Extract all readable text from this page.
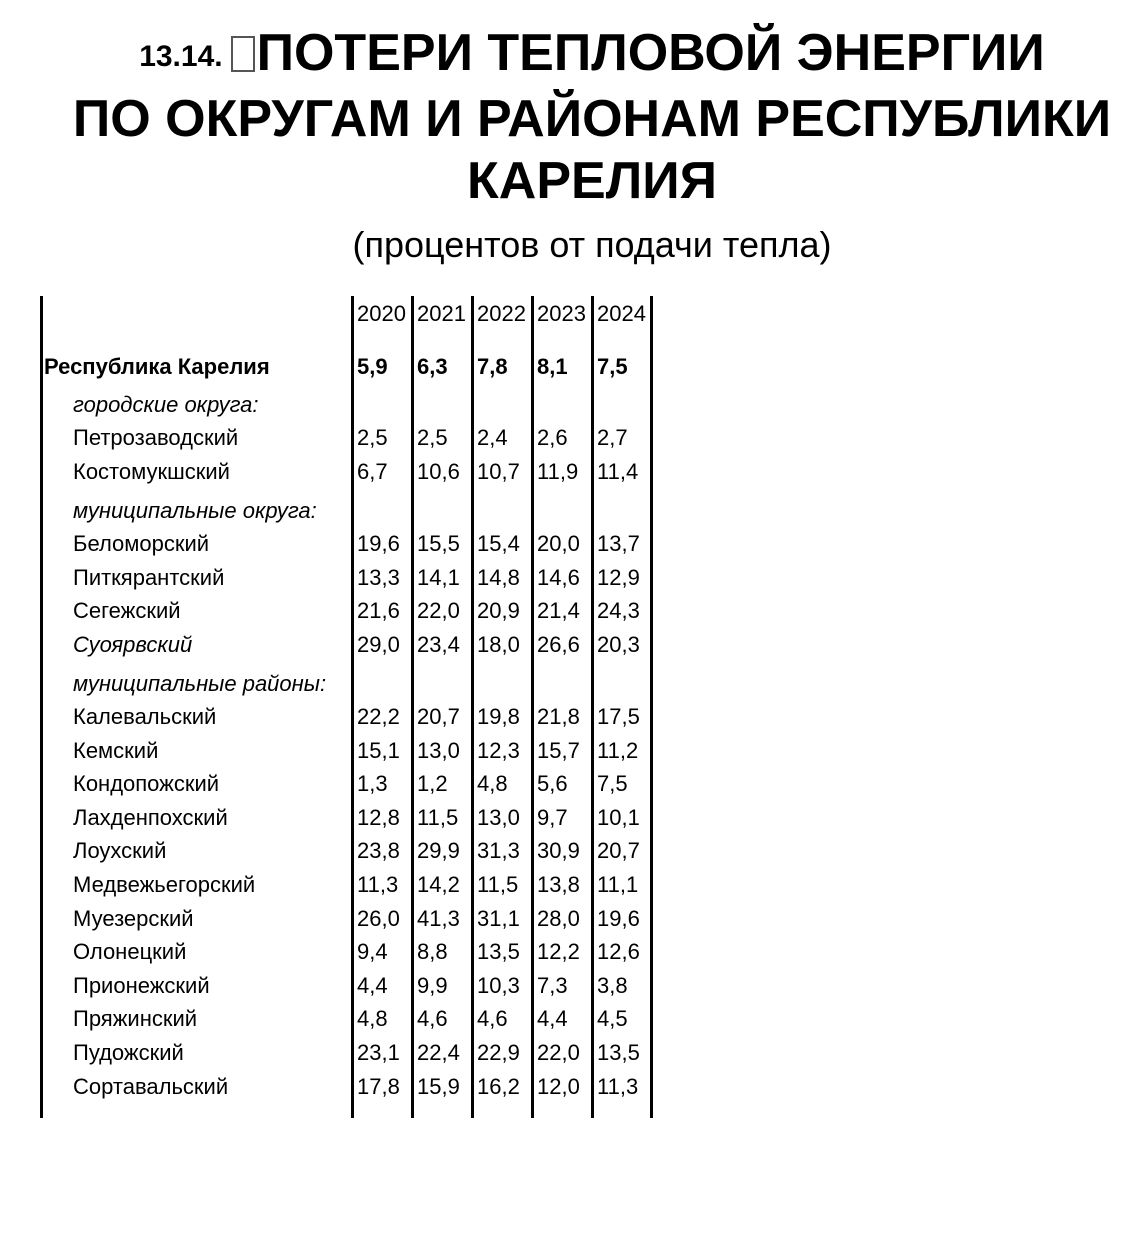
13.14. ПОТЕРИ ТЕПЛОВОЙ ЭНЕРГИИ
ПО ОКРУГАМ И РАЙОНАМ РЕСПУБЛИКИ
КАРЕЛИЯ
(процентов от подачи тепла)
2020 2021 2022 2023 2024
Республика Карелия	5,9	6,3	7,8	8,1	7,5
городские округа:
Петрозаводский	2,5	2,5	2,4	2,6	2,7
Костомукшский	6,7	10,6 10,7 11,9 11,4
муниципальные округа:
Беломорский	19,6 15,5 15,4 20,0 13,7
Питкярантский	13,3 14,1 14,8 14,6 12,9
Сегежский	21,6 22,0 20,9 21,4 24,3
Суоярвский	29,0 23,4 18,0 26,6 20,3
муниципальные районы:
Калевальский	22,2 20,7 19,8 21,8 17,5
Кемский	15,1 13,0 12,3 15,7 11,2
Кондопожский	1,3	1,2	4,8	5,6	7,5
Лахденпохский	12,8 11,5 13,0 9,7	10,1
Лоухский	23,8 29,9 31,3 30,9 20,7
Медвежьегорский	11,3 14,2 11,5 13,8 11,1
Муезерский	26,0 41,3 31,1 28,0 19,6
Олонецкий	9,4	8,8	13,5 12,2 12,6
Прионежский	4,4	9,9	10,3 7,3	3,8
Пряжинский	4,8	4,6	4,6	4,4	4,5
Пудожский	23,1 22,4 22,9 22,0 13,5
Сортавальский	17,8 15,9 16,2 12,0 11,3
